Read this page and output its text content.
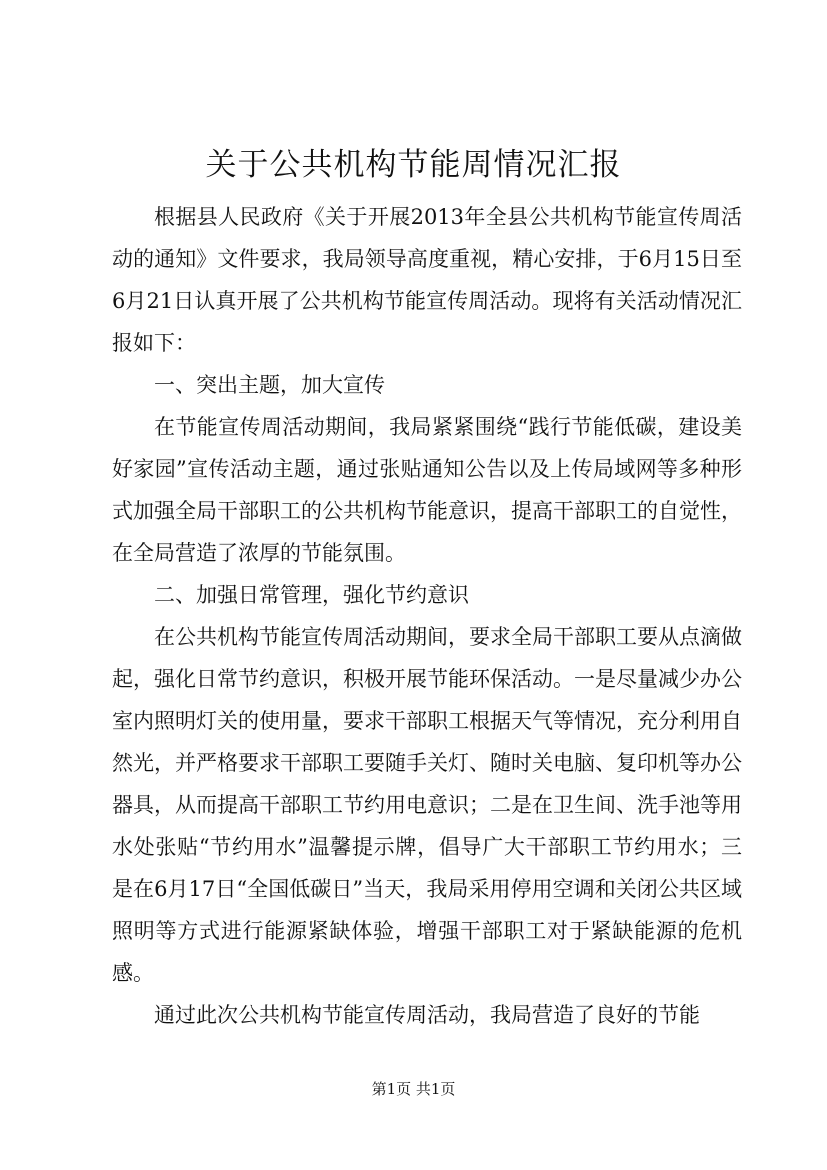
关于公共机构节能周情况汇报

根据县人民政府《关于开展2013年全县公共机构节能宣传周活动的通知》文件要求，我局领导高度重视，精心安排，于6月15日至6月21日认真开展了公共机构节能宣传周活动。现将有关活动情况汇报如下：

一、突出主题，加大宣传

在节能宣传周活动期间，我局紧紧围绕“践行节能低碳，建设美好家园”宣传活动主题，通过张贴通知公告以及上传局域网等多种形式加强全局干部职工的公共机构节能意识，提高干部职工的自觉性，在全局营造了浓厚的节能氛围。

二、加强日常管理，强化节约意识

在公共机构节能宣传周活动期间，要求全局干部职工要从点滴做起，强化日常节约意识，积极开展节能环保活动。一是尽量减少办公室内照明灯关的使用量，要求干部职工根据天气等情况，充分利用自然光，并严格要求干部职工要随手关灯、随时关电脑、复印机等办公器具，从而提高干部职工节约用电意识；二是在卫生间、洗手池等用水处张贴“节约用水”温馨提示牌，倡导广大干部职工节约用水；三是在6月17日“全国低碳日”当天，我局采用停用空调和关闭公共区域照明等方式进行能源紧缺体验，增强干部职工对于紧缺能源的危机感。

通过此次公共机构节能宣传周活动，我局营造了良好的节能

第1页 共1页
